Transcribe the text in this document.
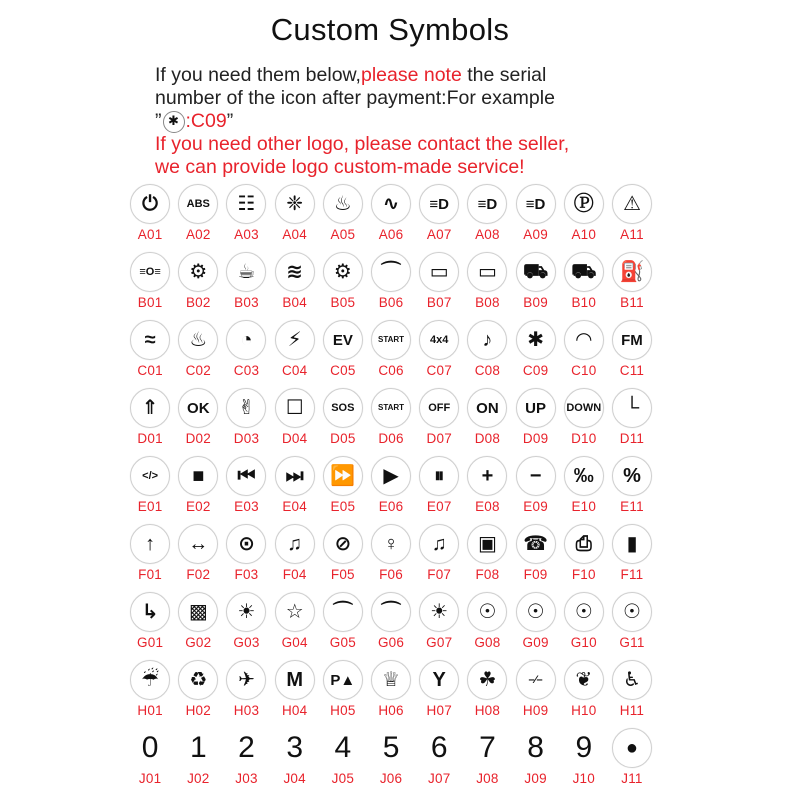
Custom Symbols
If you need them below,please note the serial
number of the icon after payment:For example
” ✱ :C09”
If you need other logo, please contact the seller,
we can provide logo custom-made service!
⏻
A01
ABS
A02
☷
A03
❈
A04
♨
A05
∿
A06
≡D
A07
≡D
A08
≡D
A09
Ⓟ
A10
⚠
A11
≡O≡
B01
⚙
B02
☕
B03
≋
B04
⚙
B05
⌒
B06
▭
B07
▭
B08
⛟
B09
⛟
B10
⛽
B11
≈
C01
♨
C02
◔
C03
⚡
C04
EV
C05
START
C06
4x4
C07
♪
C08
✱
C09
◠
C10
FM
C11
⇑
D01
OK
D02
✌
D03
☐
D04
SOS
D05
START
D06
OFF
D07
ON
D08
UP
D09
DOWN
D10
└
D11
</>
E01
■
E02
⏮
E03
⏭
E04
⏩
E05
▶
E06
⏸
E07
+
E08
−
E09
‰
E10
%
E11
↑
F01
↔
F02
⊙
F03
♫
F04
⊘
F05
♀
F06
♫
F07
▣
F08
☎
F09
⎙
F10
▮
F11
↳
G01
▩
G02
☀
G03
☆
G04
⌒
G05
⌒
G06
☀
G07
☉
G08
☉
G09
☉
G10
☉
G11
☔
H01
♻
H02
✈
H03
M
H04
P▲
H05
♕
H06
Y
H07
☘
H08
–⁄–
H09
❦
H10
♿
H11
0
J01
1
J02
2
J03
3
J04
4
J05
5
J06
6
J07
7
J08
8
J09
9
J10
●
J11
